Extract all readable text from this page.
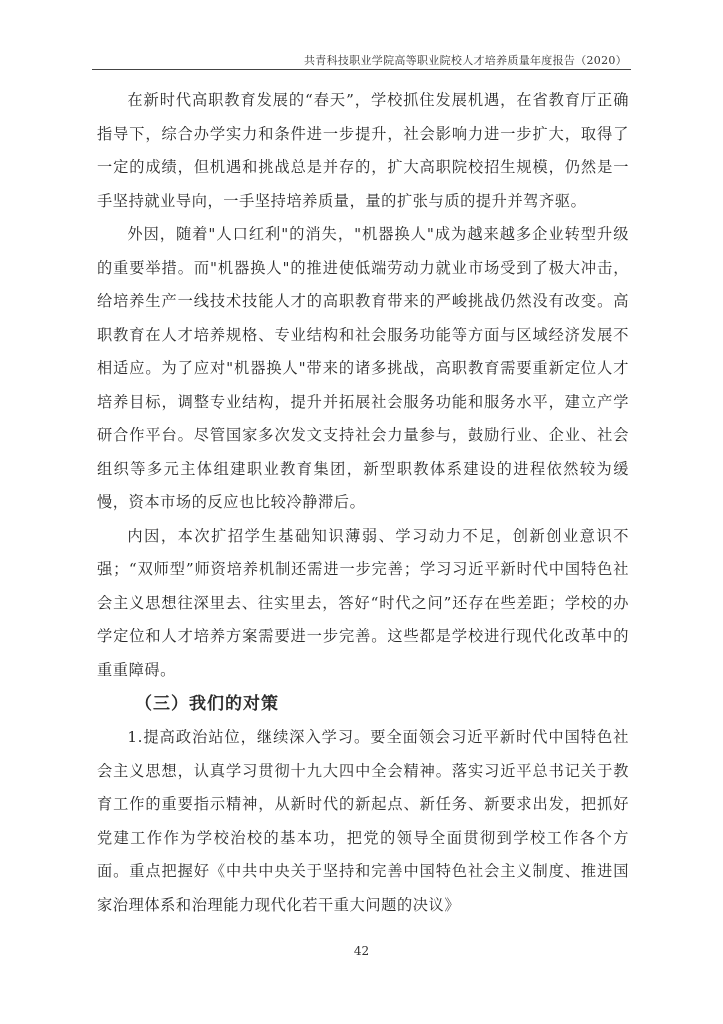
共青科技职业学院高等职业院校人才培养质量年度报告（2020）

在新时代高职教育发展的“春天”，学校抓住发展机遇，在省教育厅正确指导下，综合办学实力和条件进一步提升，社会影响力进一步扩大，取得了一定的成绩，但机遇和挑战总是并存的，扩大高职院校招生规模，仍然是一手坚持就业导向，一手坚持培养质量，量的扩张与质的提升并驾齐驱。

外因，随着"人口红利"的消失，"机器换人"成为越来越多企业转型升级的重要举措。而"机器换人"的推进使低端劳动力就业市场受到了极大冲击，给培养生产一线技术技能人才的高职教育带来的严峻挑战仍然没有改变。高职教育在人才培养规格、专业结构和社会服务功能等方面与区域经济发展不相适应。为了应对"机器换人"带来的诸多挑战，高职教育需要重新定位人才培养目标，调整专业结构，提升并拓展社会服务功能和服务水平，建立产学研合作平台。尽管国家多次发文支持社会力量参与，鼓励行业、企业、社会组织等多元主体组建职业教育集团，新型职教体系建设的进程依然较为缓慢，资本市场的反应也比较冷静滞后。

内因，本次扩招学生基础知识薄弱、学习动力不足，创新创业意识不强；“双师型”师资培养机制还需进一步完善；学习习近平新时代中国特色社会主义思想往深里去、往实里去，答好“时代之问”还存在些差距；学校的办学定位和人才培养方案需要进一步完善。这些都是学校进行现代化改革中的重重障碍。

（三）我们的对策

1.提高政治站位，继续深入学习。要全面领会习近平新时代中国特色社会主义思想，认真学习贯彻十九大四中全会精神。落实习近平总书记关于教育工作的重要指示精神，从新时代的新起点、新任务、新要求出发，把抓好党建工作作为学校治校的基本功，把党的领导全面贯彻到学校工作各个方面。重点把握好《中共中央关于坚持和完善中国特色社会主义制度、推进国家治理体系和治理能力现代化若干重大问题的决议》

42
